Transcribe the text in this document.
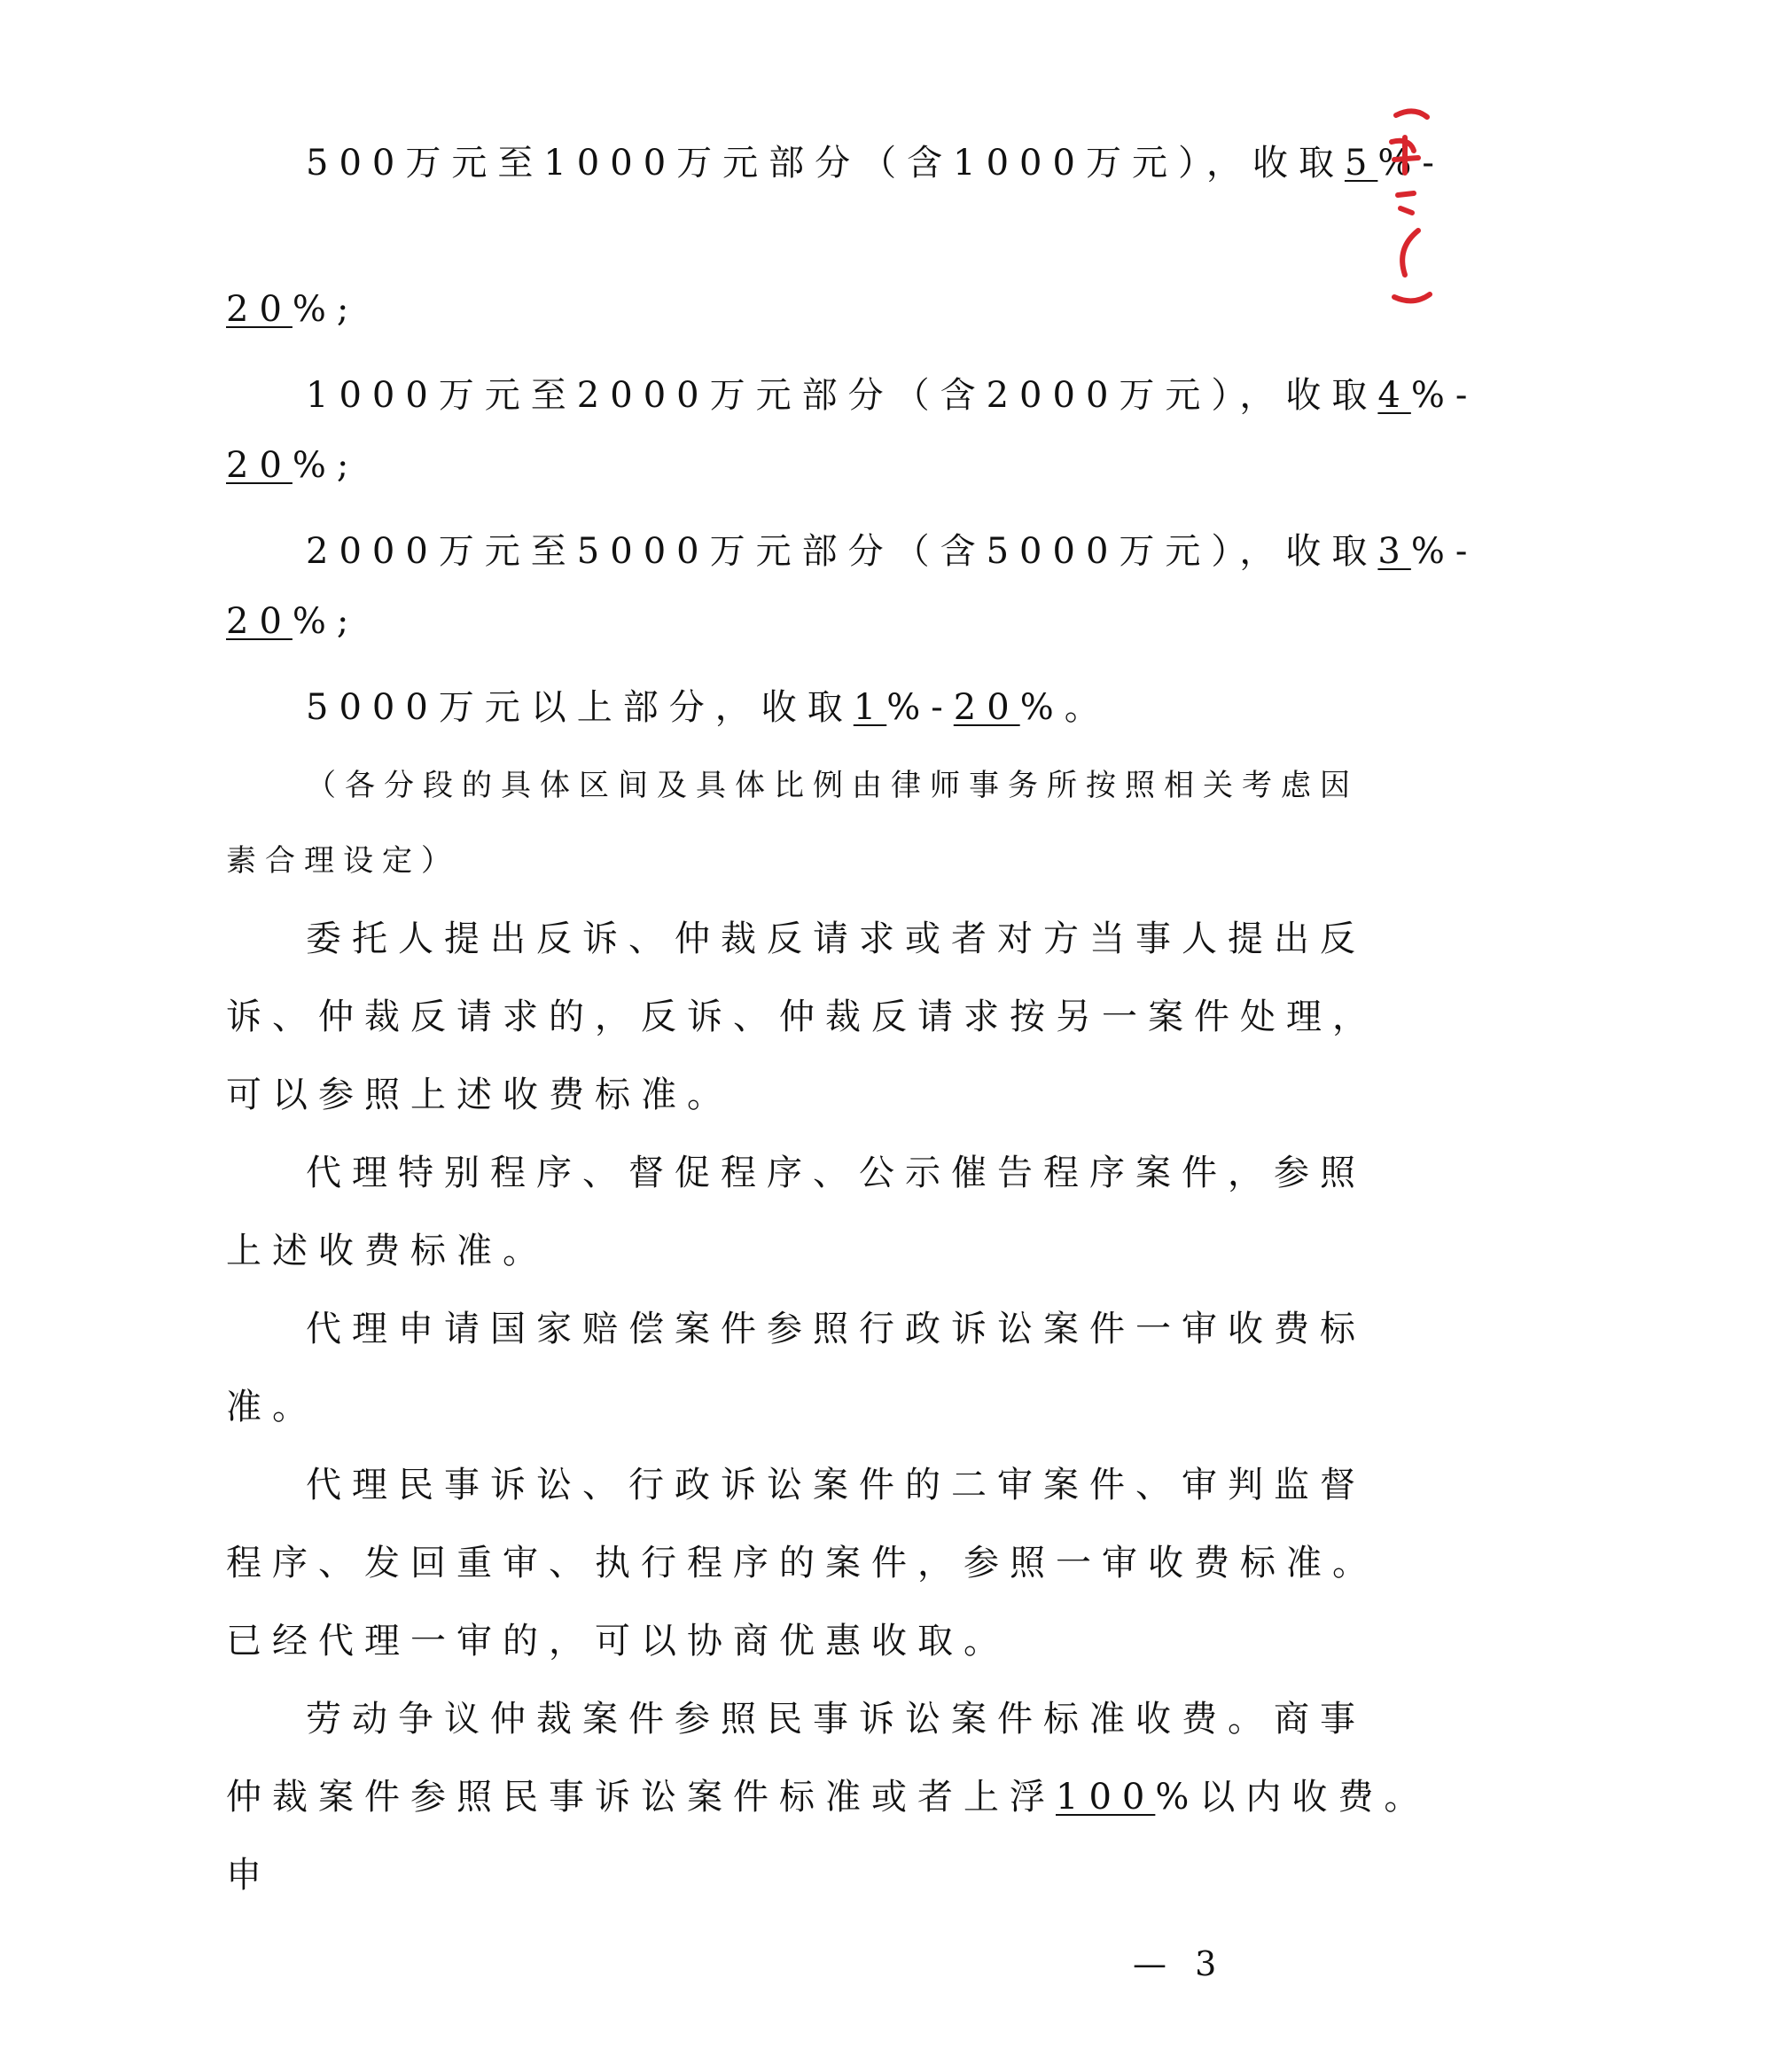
500万元至1000万元部分（含1000万元），收取5%-
20%;
1000万元至2000万元部分（含2000万元），收取4%-
20%;
2000万元至5000万元部分（含5000万元），收取3%-
20%;
5000万元以上部分，收取1%-20%。
（各分段的具体区间及具体比例由律师事务所按照相关考虑因
素合理设定）
委托人提出反诉、仲裁反请求或者对方当事人提出反
诉、仲裁反请求的，反诉、仲裁反请求按另一案件处理，
可以参照上述收费标准。
代理特别程序、督促程序、公示催告程序案件，参照
上述收费标准。
代理申请国家赔偿案件参照行政诉讼案件一审收费标
准。
代理民事诉讼、行政诉讼案件的二审案件、审判监督
程序、发回重审、执行程序的案件，参照一审收费标准。
已经代理一审的，可以协商优惠收取。
劳动争议仲裁案件参照民事诉讼案件标准收费。商事
仲裁案件参照民事诉讼案件标准或者上浮100%以内收费。
申
— 3
